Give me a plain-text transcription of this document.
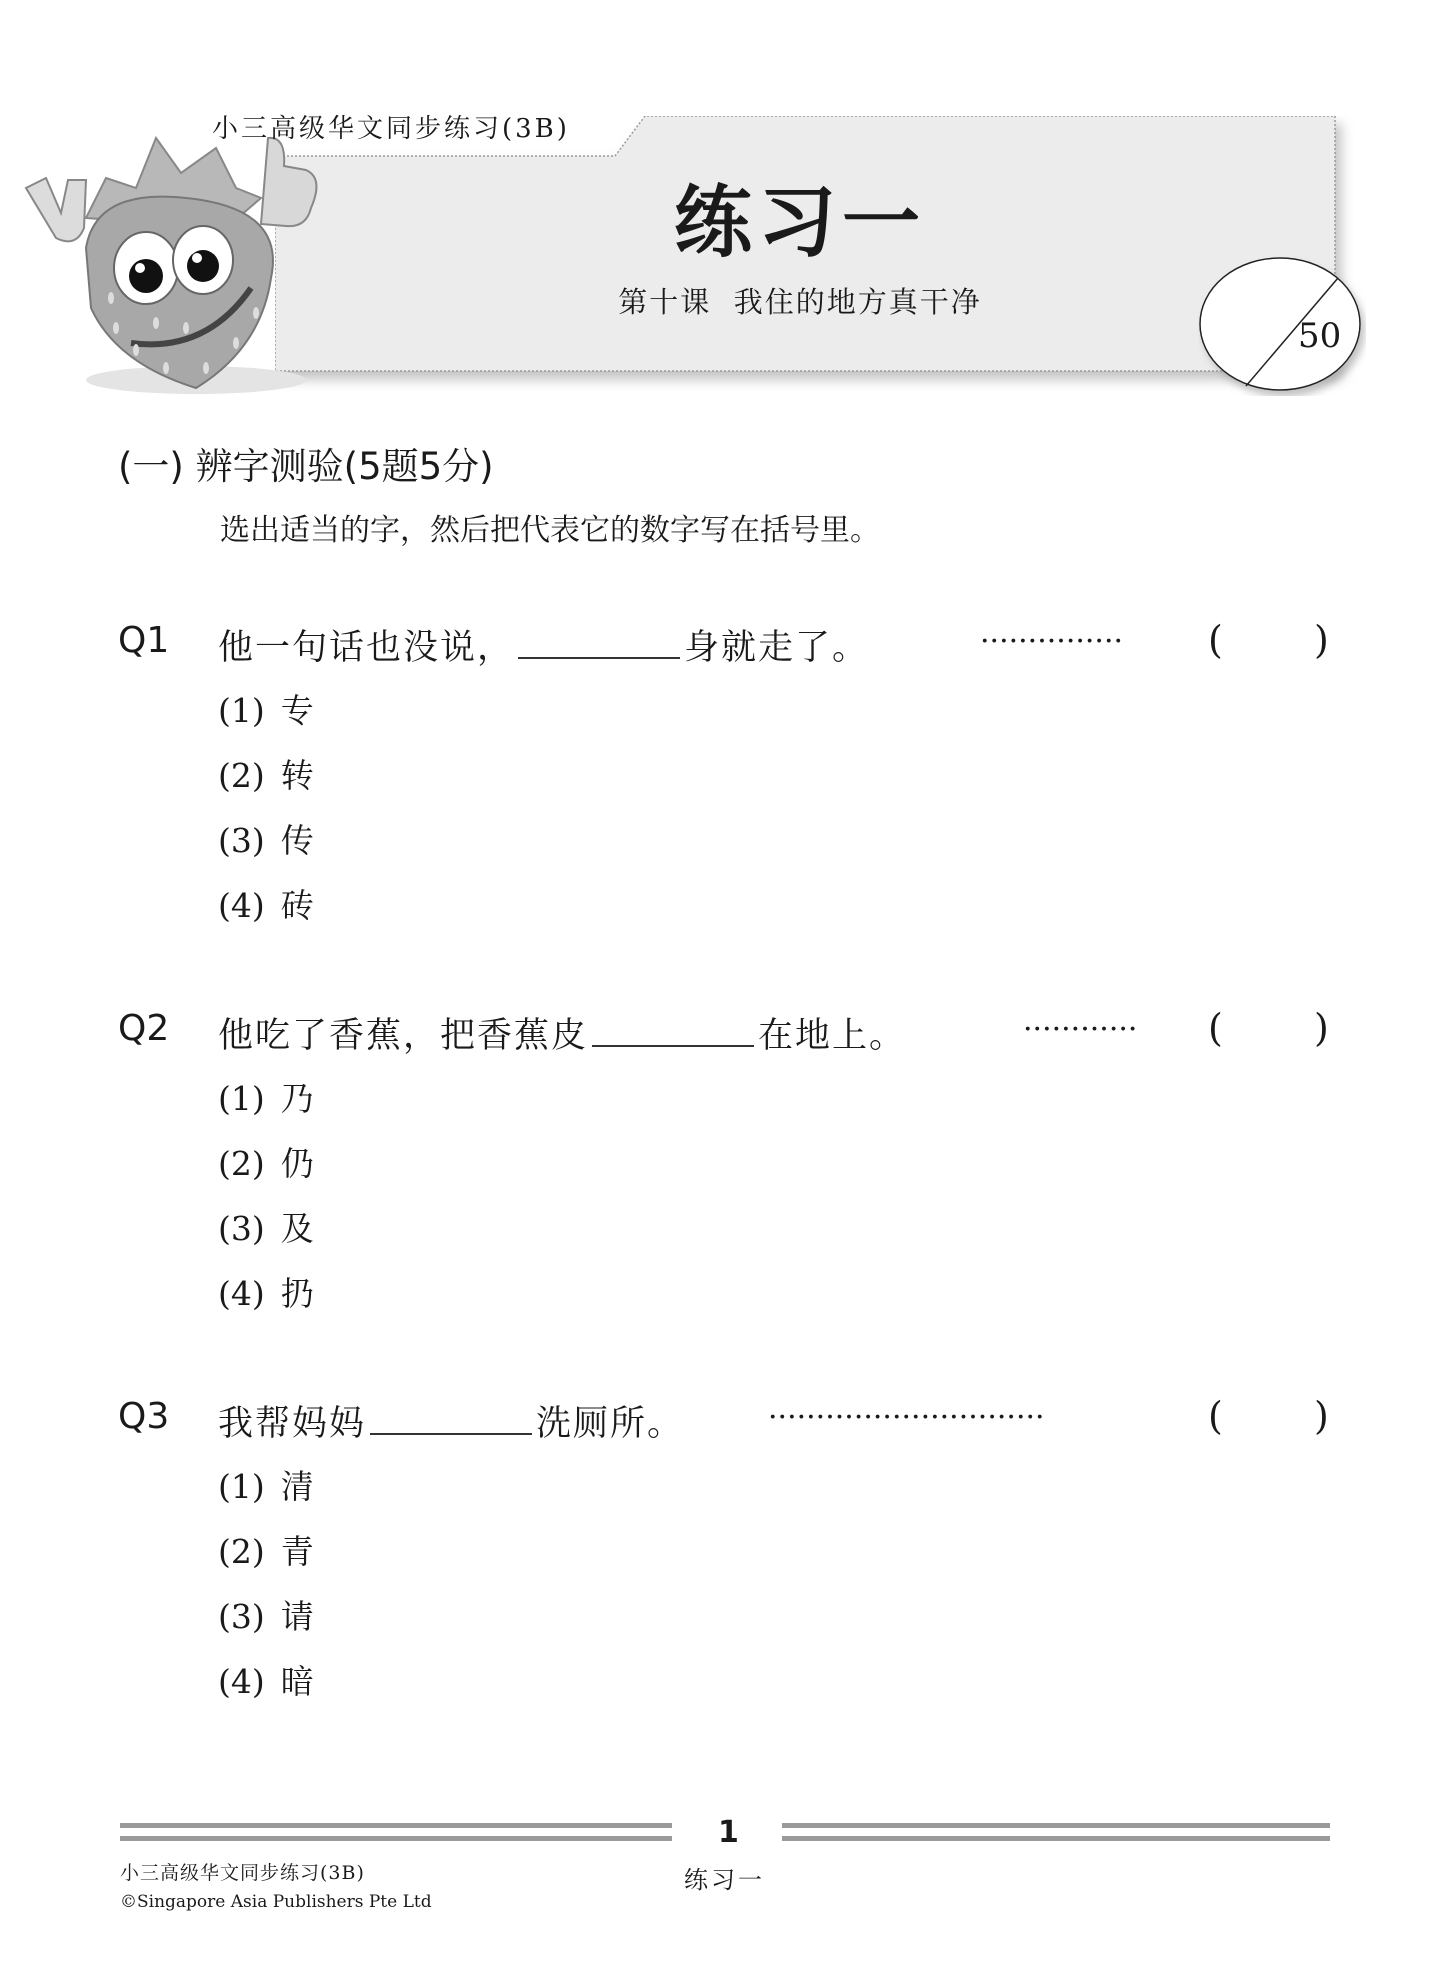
小三高级华文同步练习(3B)
练习一
第十课  我住的地方真干净
50
(一) 辨字测验(5题5分)
选出适当的字，然后把代表它的数字写在括号里。
Q1 他一句话也没说，	身就走了。	··············· ( )
(1) 专
(2) 转
(3) 传
(4) 砖
Q2 他吃了香蕉，把香蕉皮	在地上。	············ ( )
(1) 乃
(2) 仍
(3) 及
(4) 扔
Q3 我帮妈妈	洗厕所。	·····························	( )
(1) 清
(2) 青
(3) 请
(4) 暗
1
小三高级华文同步练习(3B)
©Singapore Asia Publishers Pte Ltd
练习一
